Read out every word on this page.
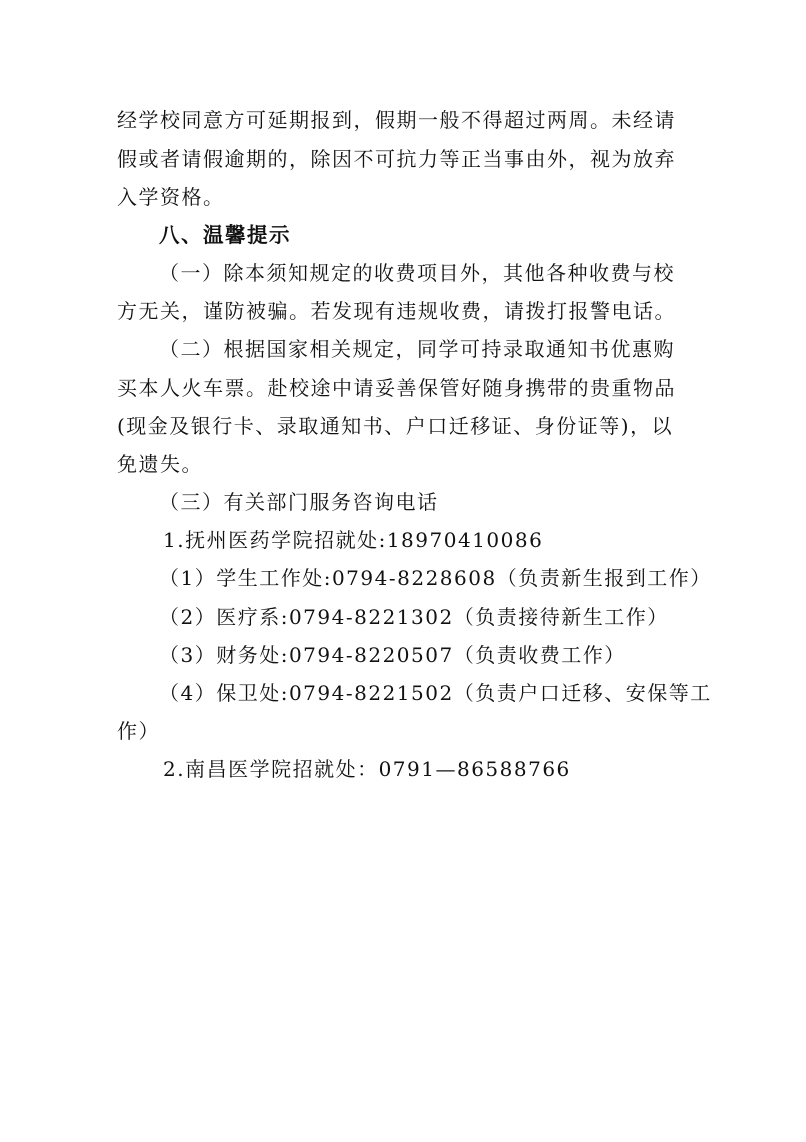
经学校同意方可延期报到，假期一般不得超过两周。未经请
假或者请假逾期的，除因不可抗力等正当事由外，视为放弃
入学资格。
八、温馨提示
（一）除本须知规定的收费项目外，其他各种收费与校
方无关，谨防被骗。若发现有违规收费，请拨打报警电话。
（二）根据国家相关规定，同学可持录取通知书优惠购
买本人火车票。赴校途中请妥善保管好随身携带的贵重物品
(现金及银行卡、录取通知书、户口迁移证、身份证等)，以
免遗失。
（三）有关部门服务咨询电话
1.抚州医药学院招就处:18970410086
（1）学生工作处:0794-8228608（负责新生报到工作）
（2）医疗系:0794-8221302（负责接待新生工作）
（3）财务处:0794-8220507（负责收费工作）
（4）保卫处:0794-8221502（负责户口迁移、安保等工
作）
2.南昌医学院招就处：0791—86588766
